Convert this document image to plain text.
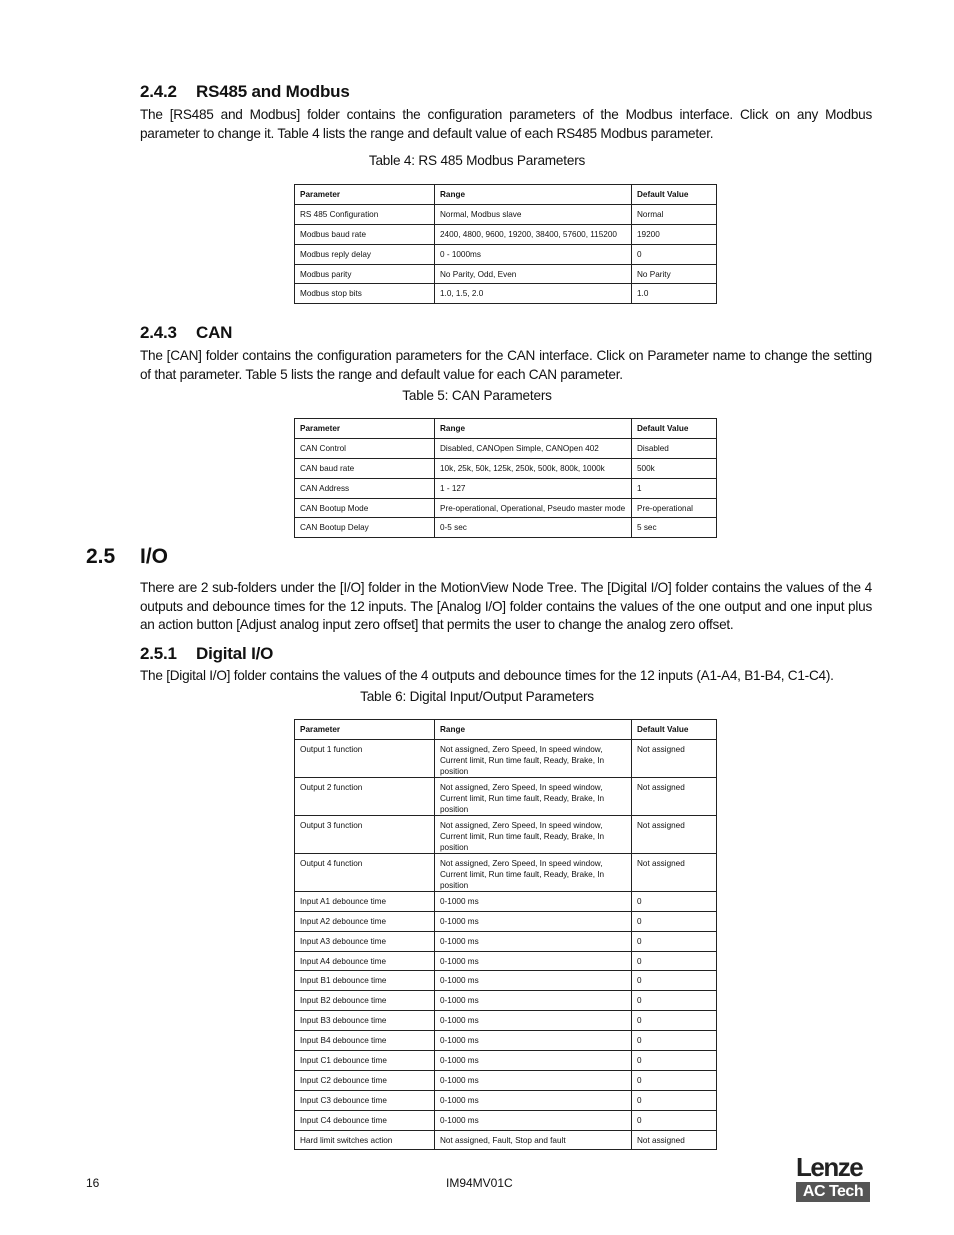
2.4.2 RS485 and Modbus
The [RS485 and Modbus] folder contains the configuration parameters of the Modbus interface. Click on any Modbus parameter to change it. Table 4 lists the range and default value of each RS485 Modbus parameter.
Table 4: RS 485 Modbus Parameters
Parameter	Range	Default Value
RS 485 Configuration	Normal, Modbus slave	Normal
Modbus baud rate	2400, 4800, 9600, 19200, 38400, 57600, 115200	19200
Modbus reply delay	0 - 1000ms	0
Modbus parity	No Parity, Odd, Even	No Parity
Modbus stop bits	1.0, 1.5, 2.0	1.0
2.4.3 CAN
The [CAN] folder contains the configuration parameters for the CAN interface. Click on Parameter name to change the setting of that parameter. Table 5 lists the range and default value for each CAN parameter.
Table 5: CAN Parameters
Parameter	Range	Default Value
CAN Control	Disabled, CANOpen Simple, CANOpen 402	Disabled
CAN baud rate	10k, 25k, 50k, 125k, 250k, 500k, 800k, 1000k	500k
CAN Address	1 - 127	1
CAN Bootup Mode	Pre-operational, Operational, Pseudo master mode	Pre-operational
CAN Bootup Delay	0-5 sec	5 sec
2.5 I/O
There are 2 sub-folders under the [I/O] folder in the MotionView Node Tree. The [Digital I/O] folder contains the values of the 4 outputs and debounce times for the 12 inputs. The [Analog I/O] folder contains the values of the one output and one input plus an action button [Adjust analog input zero offset] that permits the user to change the analog zero offset.
2.5.1 Digital I/O
The [Digital I/O] folder contains the values of the 4 outputs and debounce times for the 12 inputs (A1-A4, B1-B4, C1-C4).
Table 6: Digital Input/Output Parameters
Parameter	Range	Default Value
Output 1 function	Not assigned, Zero Speed, In speed window, Current limit, Run time fault, Ready, Brake, In position	Not assigned
Output 2 function	Not assigned, Zero Speed, In speed window, Current limit, Run time fault, Ready, Brake, In position	Not assigned
Output 3 function	Not assigned, Zero Speed, In speed window, Current limit, Run time fault, Ready, Brake, In position	Not assigned
Output 4 function	Not assigned, Zero Speed, In speed window, Current limit, Run time fault, Ready, Brake, In position	Not assigned
Input A1 debounce time	0-1000 ms	0
Input A2 debounce time	0-1000 ms	0
Input A3 debounce time	0-1000 ms	0
Input A4 debounce time	0-1000 ms	0
Input B1 debounce time	0-1000 ms	0
Input B2 debounce time	0-1000 ms	0
Input B3 debounce time	0-1000 ms	0
Input B4 debounce time	0-1000 ms	0
Input C1 debounce time	0-1000 ms	0
Input C2 debounce time	0-1000 ms	0
Input C3 debounce time	0-1000 ms	0
Input C4 debounce time	0-1000 ms	0
Hard limit switches action	Not assigned, Fault, Stop and fault	Not assigned
16	IM94MV01C
Lenze
AC Tech
